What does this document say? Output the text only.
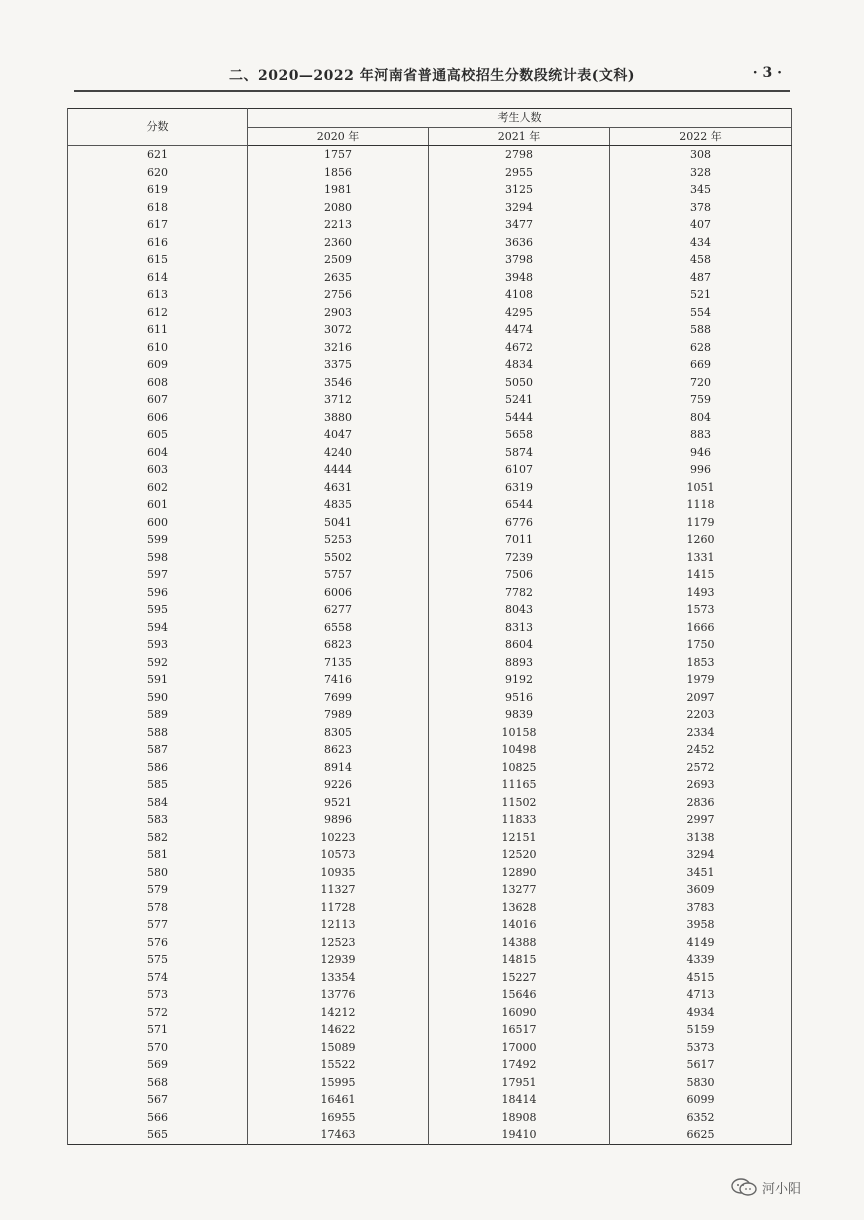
二、2020—2022 年河南省普通高校招生分数段统计表(文科)	· 3 ·
分数	考生人数		
	2020 年	2021 年	2022 年
621	1757	2798	308
620	1856	2955	328
619	1981	3125	345
618	2080	3294	378
617	2213	3477	407
616	2360	3636	434
615	2509	3798	458
614	2635	3948	487
613	2756	4108	521
612	2903	4295	554
611	3072	4474	588
610	3216	4672	628
609	3375	4834	669
608	3546	5050	720
607	3712	5241	759
606	3880	5444	804
605	4047	5658	883
604	4240	5874	946
603	4444	6107	996
602	4631	6319	1051
601	4835	6544	1118
600	5041	6776	1179
599	5253	7011	1260
598	5502	7239	1331
597	5757	7506	1415
596	6006	7782	1493
595	6277	8043	1573
594	6558	8313	1666
593	6823	8604	1750
592	7135	8893	1853
591	7416	9192	1979
590	7699	9516	2097
589	7989	9839	2203
588	8305	10158	2334
587	8623	10498	2452
586	8914	10825	2572
585	9226	11165	2693
584	9521	11502	2836
583	9896	11833	2997
582	10223	12151	3138
581	10573	12520	3294
580	10935	12890	3451
579	11327	13277	3609
578	11728	13628	3783
577	12113	14016	3958
576	12523	14388	4149
575	12939	14815	4339
574	13354	15227	4515
573	13776	15646	4713
572	14212	16090	4934
571	14622	16517	5159
570	15089	17000	5373
569	15522	17492	5617
568	15995	17951	5830
567	16461	18414	6099
566	16955	18908	6352
565	17463	19410	6625
河小阳
